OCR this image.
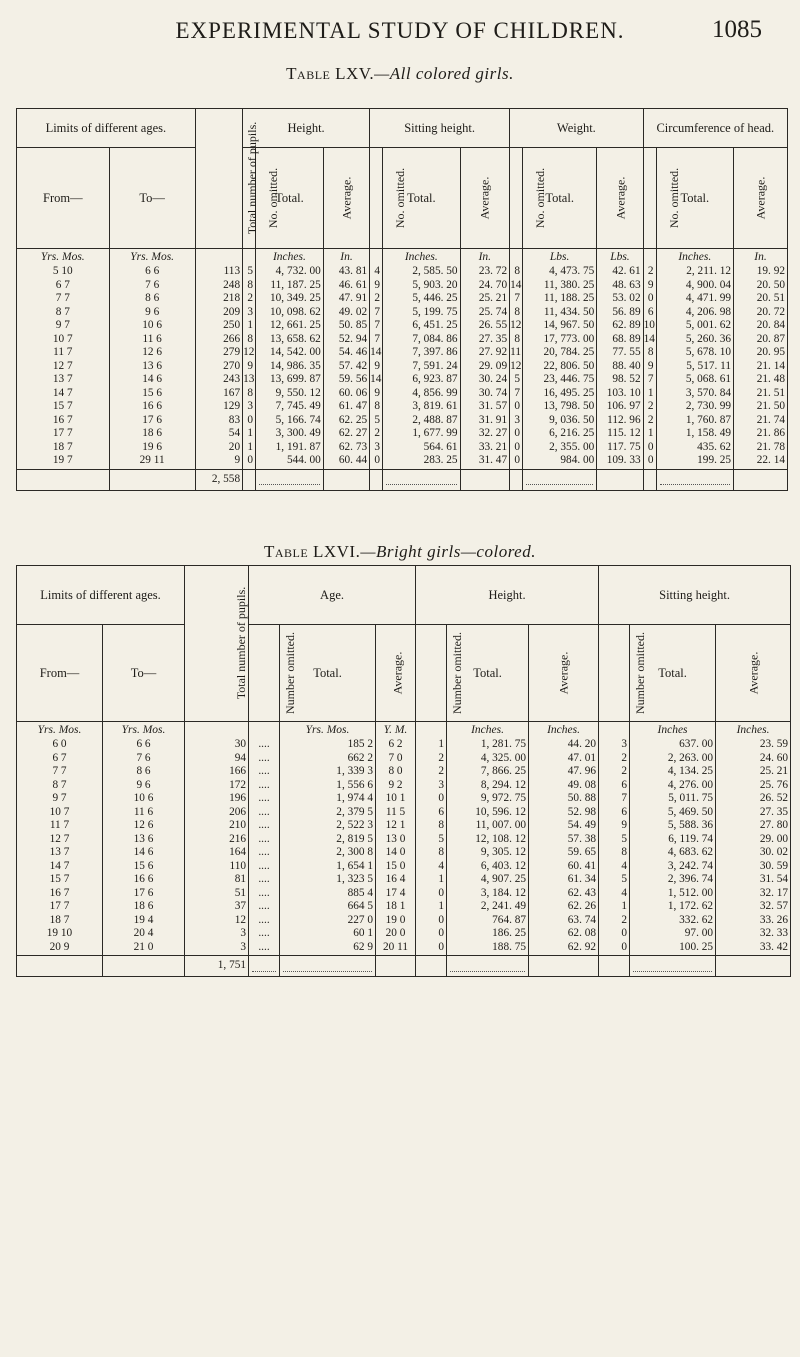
EXPERIMENTAL STUDY OF CHILDREN.	1085
Table LXV.—All colored girls.
Limits of different ages.		Total number of pupils.	Height.			Sitting height.			Weight.			Circumference of head.		
From—	To—		No. omitted.	Total.	Average.	No. omitted.	Total.	Average.	No. omitted.	Total.	Average.	No. omitted.	Total.	Average.
Yrs. Mos.	Yrs. Mos.			Inches.	In.		Inches.	In.		Lbs.	Lbs.		Inches.	In.
5 10	6 6	113	5	4, 732. 00	43. 81	4	2, 585. 50	23. 72	8	4, 473. 75	42. 61	2	2, 211. 12	19. 92
6 7	7 6	248	8	11, 187. 25	46. 61	9	5, 903. 20	24. 70	14	11, 380. 25	48. 63	9	4, 900. 04	20. 50
7 7	8 6	218	2	10, 349. 25	47. 91	2	5, 446. 25	25. 21	7	11, 188. 25	53. 02	0	4, 471. 99	20. 51
8 7	9 6	209	3	10, 098. 62	49. 02	7	5, 199. 75	25. 74	8	11, 434. 50	56. 89	6	4, 206. 98	20. 72
9 7	10 6	250	1	12, 661. 25	50. 85	7	6, 451. 25	26. 55	12	14, 967. 50	62. 89	10	5, 001. 62	20. 84
10 7	11 6	266	8	13, 658. 62	52. 94	7	7, 084. 86	27. 35	8	17, 773. 00	68. 89	14	5, 260. 36	20. 87
11 7	12 6	279	12	14, 542. 00	54. 46	14	7, 397. 86	27. 92	11	20, 784. 25	77. 55	8	5, 678. 10	20. 95
12 7	13 6	270	9	14, 986. 35	57. 42	9	7, 591. 24	29. 09	12	22, 806. 50	88. 40	9	5, 517. 11	21. 14
13 7	14 6	243	13	13, 699. 87	59. 56	14	6, 923. 87	30. 24	5	23, 446. 75	98. 52	7	5, 068. 61	21. 48
14 7	15 6	167	8	9, 550. 12	60. 06	9	4, 856. 99	30. 74	7	16, 495. 25	103. 10	1	3, 570. 84	21. 51
15 7	16 6	129	3	7, 745. 49	61. 47	8	3, 819. 61	31. 57	0	13, 798. 50	106. 97	2	2, 730. 99	21. 50
16 7	17 6	83	0	5, 166. 74	62. 25	5	2, 488. 87	31. 91	3	9, 036. 50	112. 96	2	1, 760. 87	21. 74
17 7	18 6	54	1	3, 300. 49	62. 27	2	1, 677. 99	32. 27	0	6, 216. 25	115. 12	1	1, 158. 49	21. 86
18 7	19 6	20	1	1, 191. 87	62. 73	3	564. 61	33. 21	0	2, 355. 00	117. 75	0	435. 62	21. 78
19 7	29 11	9	0	544. 00	60. 44	0	283. 25	31. 47	0	984. 00	109. 33	0	199. 25	22. 14
		2, 558		

Table LXVI.—Bright girls—colored.
Limits of different ages.		Total number of pupils.	Age.			Height.			Sitting height.		
From—	To—		Number omitted.	Total.	Average.	Number omitted.	Total.	Average.	Number omitted.	Total.	Average.
Yrs. Mos.	Yrs. Mos.			Yrs. Mos.	Y. M.		Inches.	Inches.		Inches	Inches.
6 0	6 6	30	....	185 2	6 2	1	1, 281. 75	44. 20	3	637. 00	23. 59
6 7	7 6	94	....	662 2	7 0	2	4, 325. 00	47. 01	2	2, 263. 00	24. 60
7 7	8 6	166	....	1, 339 3	8 0	2	7, 866. 25	47. 96	2	4, 134. 25	25. 21
8 7	9 6	172	....	1, 556 6	9 2	3	8, 294. 12	49. 08	6	4, 276. 00	25. 76
9 7	10 6	196	....	1, 974 4	10 1	0	9, 972. 75	50. 88	7	5, 011. 75	26. 52
10 7	11 6	206	....	2, 379 5	11 5	6	10, 596. 12	52. 98	6	5, 469. 50	27. 35
11 7	12 6	210	....	2, 522 3	12 1	8	11, 007. 00	54. 49	9	5, 588. 36	27. 80
12 7	13 6	216	....	2, 819 5	13 0	5	12, 108. 12	57. 38	5	6, 119. 74	29. 00
13 7	14 6	164	....	2, 300 8	14 0	8	9, 305. 12	59. 65	8	4, 683. 62	30. 02
14 7	15 6	110	....	1, 654 1	15 0	4	6, 403. 12	60. 41	4	3, 242. 74	30. 59
15 7	16 6	81	....	1, 323 5	16 4	1	4, 907. 25	61. 34	5	2, 396. 74	31. 54
16 7	17 6	51	....	885 4	17 4	0	3, 184. 12	62. 43	4	1, 512. 00	32. 17
17 7	18 6	37	....	664 5	18 1	1	2, 241. 49	62. 26	1	1, 172. 62	32. 57
18 7	19 4	12	....	227 0	19 0	0	764. 87	63. 74	2	332. 62	33. 26
19 10	20 4	3	....	60 1	20 0	0	186. 25	62. 08	0	97. 00	32. 33
20 9	21 0	3	....	62 9	20 11	0	188. 75	62. 92	0	100. 25	33. 42
		1, 751	
